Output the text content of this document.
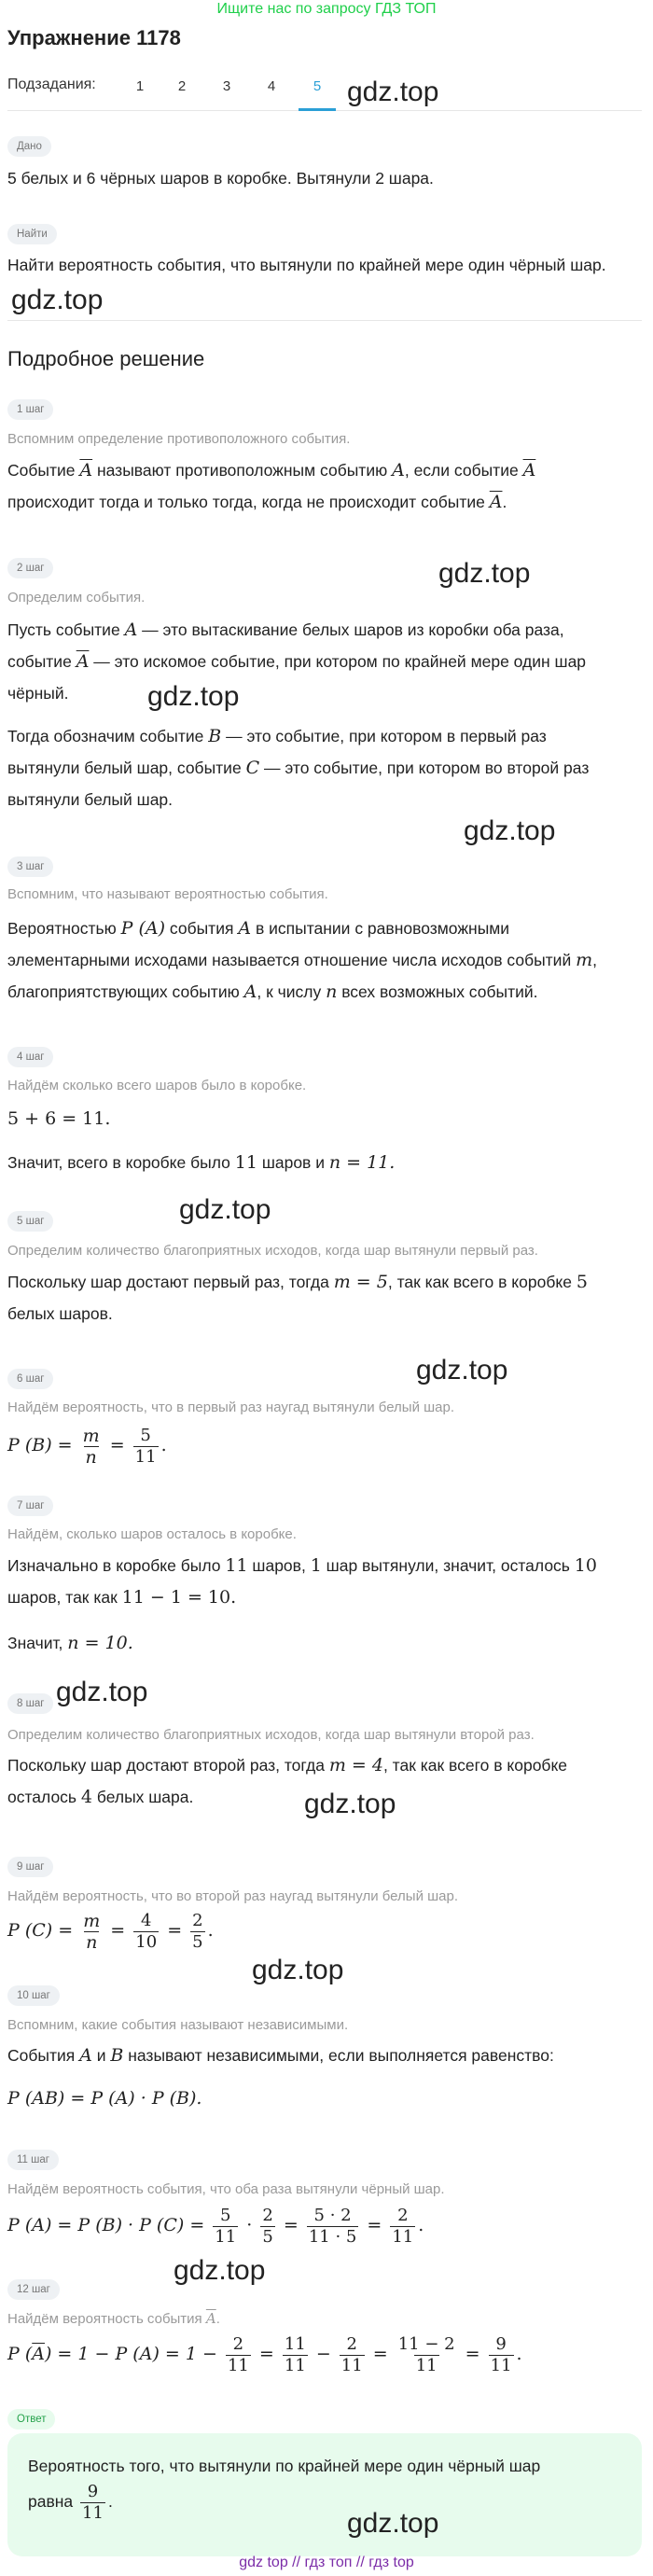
Ищите нас по запросу ГДЗ ТОП
Упражнение 1178
Подзадания:	1	2	3	4	5 gdz.top
Дано
5 белых и 6 чёрных шаров в коробке. Вытянули 2 шара.
Найти
Найти вероятность события, что вытянули по крайней мере один чёрный шар.
gdz.top
Подробное решение
1 шаг
Вспомним определение противоположного события.
Событие $\overline{A}$ называют противоположным событию A, если событие $\overline{A}$
происходит тогда и только тогда, когда не происходит событие $\overline{A}$.
2 шаг
Определим события.
gdz.top
Пусть событие A — это вытаскивание белых шаров из коробки оба раза,
событие $\overline{A}$ — это искомое событие, при котором по крайней мере один шар
чёрный.	gdz.top
Тогда обозначим событие B — это событие, при котором в первый раз
вытянули белый шар, событие C — это событие, при котором во второй раз
вытянули белый шар.
gdz.top
3 шаг
Вспомним, что называют вероятностью события.
Вероятностью P (A) события A в испытании с равновозможными
элементарными исходами называется отношение числа исходов событий m,
благоприятствующих событию A, к числу n всех возможных событий.
4 шаг
Найдём сколько всего шаров было в коробке.
5 + 6 = 11.
Значит, всего в коробке было 11 шаров и n = 11.
gdz.top
5 шаг
Определим количество благоприятных исходов, когда шар вытянули первый раз.
Поскольку шар достают первый раз, тогда m = 5, так как всего в коробке 5
белых шаров.
gdz.top
6 шаг
Найдём вероятность, что в первый раз наугад вытянули белый шар.
P $(B) = \frac{m}{n} = \frac{5}{11}$ .
7 шаг
Найдём, сколько шаров осталось в коробке.
Изначально в коробке было 11 шаров, 1 шар вытянули, значит, осталось 10
шаров, так как 11 − 1 = 10.
Значит, n = 10.
8 шаг gdz.top
Определим количество благоприятных исходов, когда шар вытянули второй раз.
Поскольку шар достают второй раз, тогда m = 4, так как всего в коробке
осталось 4 белых шара.	gdz.top
9 шаг
Найдём вероятность, что во второй раз наугад вытянули белый шар.
P $(C) = \frac{m}{n} = \frac{4}{10} = \frac{2}{5}$ .
gdz.top
10 шаг
Вспомним, какие события называют независимыми.
События A и B называют независимыми, если выполняется равенство:
P (AB) = P (A) · P (B).
11 шаг
Найдём вероятность события, что оба раза вытянули чёрный шар.
P (A) = P (B) · P $(C) = \frac{5}{11} \cdot \frac{2}{5} = \frac{5 \cdot 2}{11 \cdot 5} = \frac{2}{11}$ .
gdz.top
12 шаг
Найдём вероятность события $\overline{A}$.
P $(\overline{A}) = 1 - P$ $(A) = 1 - \frac{2}{11} = \frac{11}{11} - \frac{2}{11} = \frac{11 - 2}{11} = \frac{9}{11}$ .
Ответ
Вероятность того, что вытянули по крайней мере один чёрный шар
равна $\frac{9}{11}$ .
gdz.top
gdz top // гдз топ // гдз top
